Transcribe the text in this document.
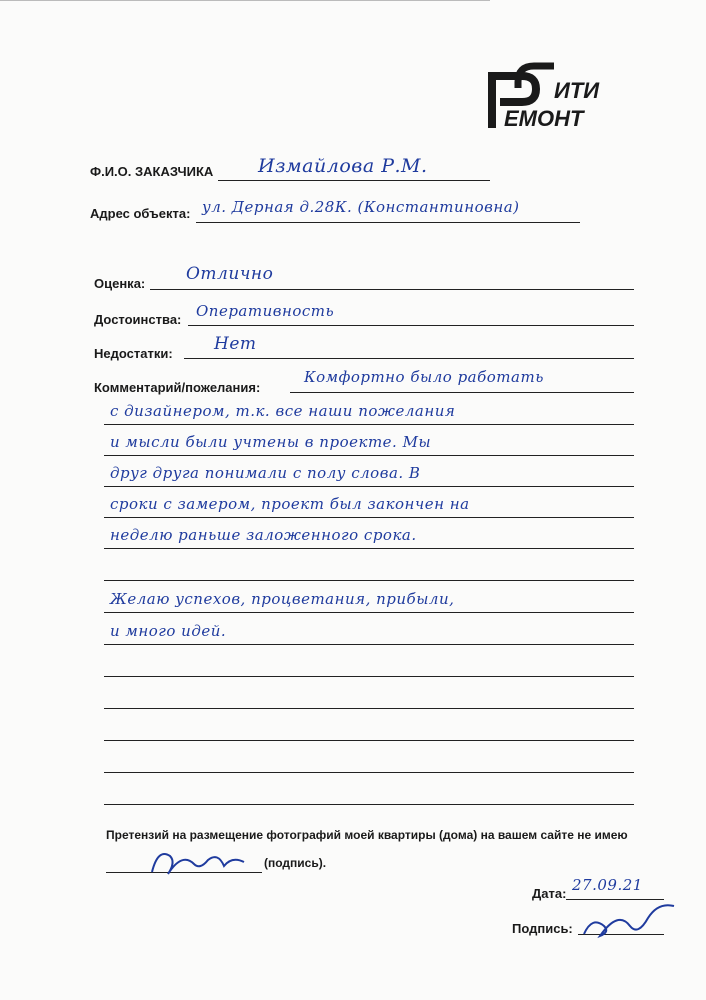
ИТИ
ЕМОНТ
Ф.И.О. ЗАКАЗЧИКА Измайлова Р.М.
Адрес объекта: ул. Дерная д.28К. (Константиновна)
Оценка: Отлично
Достоинства: Оперативность
Недостатки: Нет
Комментарий/пожелания:
Комфортно было работать
с дизайнером, т.к. все наши пожелания
и мысли были учтены в проекте. Мы
друг друга понимали с полу слова. В
сроки с замером, проект был закончен на
неделю раньше заложенного срока.
Желаю успехов, процветания, прибыли,
и много идей.
Претензий на размещение фотографий моей квартиры (дома) на вашем сайте не имею
(подпись).
Дата: 27.09.21
Подпись:
